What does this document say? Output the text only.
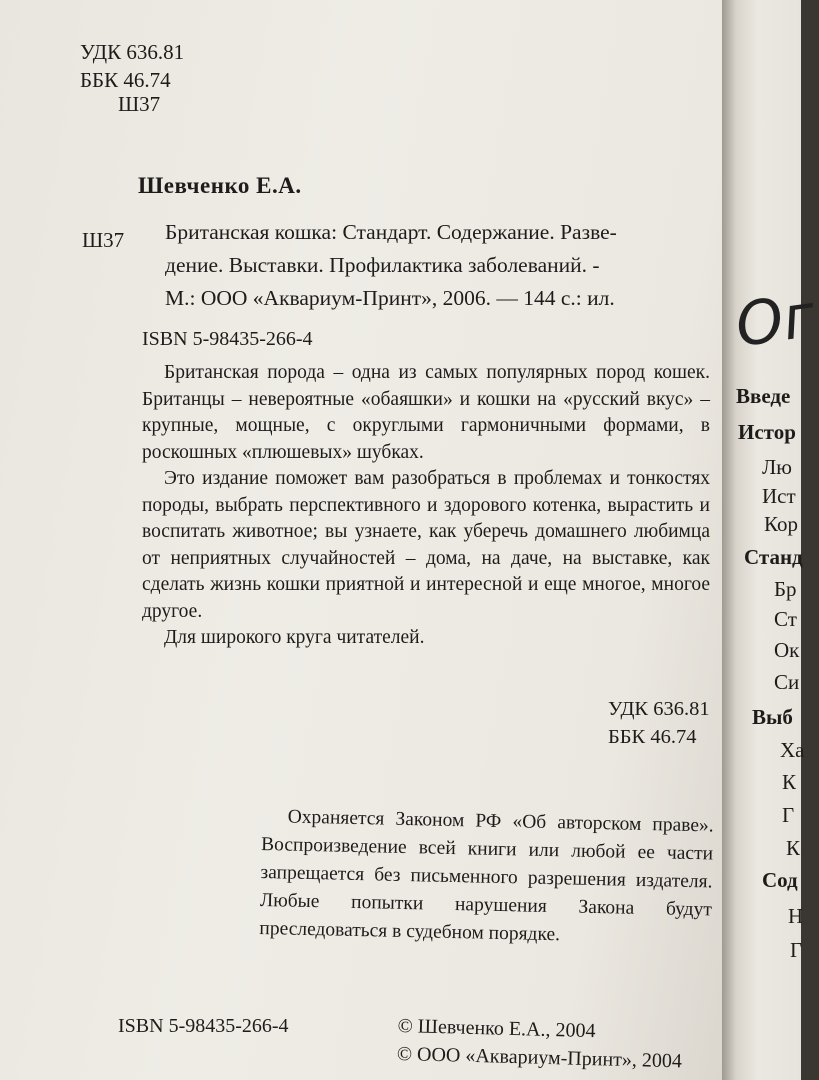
УДК 636.81
ББК 46.74
Ш37
Шевченко Е.А.
Ш37 Британская кошка: Стандарт. Содержание. Разве-
дение. Выставки. Профилактика заболеваний. -
М.: ООО «Аквариум-Принт», 2006. — 144 с.: ил.
ISBN 5-98435-266-4

Британская порода – одна из самых популярных пород кошек. Британцы – невероятные «обаяшки» и кошки на «русский вкус» – крупные, мощные, с округлыми гармоничными формами, в роскошных «плюшевых» шубках.

Это издание поможет вам разобраться в проблемах и тонкостях породы, выбрать перспективного и здорового котенка, вырастить и воспитать животное; вы узнаете, как уберечь домашнего любимца от неприятных случайностей – дома, на даче, на выставке, как сделать жизнь кошки приятной и интересной и еще многое, многое другое.

Для широкого круга читателей.

УДК 636.81
ББК 46.74
Охраняется Законом РФ «Об авторском праве». Воспроизведение всей книги или любой ее части запрещается без письменного разрешения издателя. Любые попытки нарушения Закона будут преследоваться в судебном порядке.
ISBN 5-98435-266-4	© Шевченко Е.А., 2004
© ООО «Аквариум-Принт», 2004
Ог
Введе
Истор
Лю
Ист
Кор
Станд
Бр
Ст
Ок
Си
Выб
Ха
К
Г
К
Сод
Н
Г
